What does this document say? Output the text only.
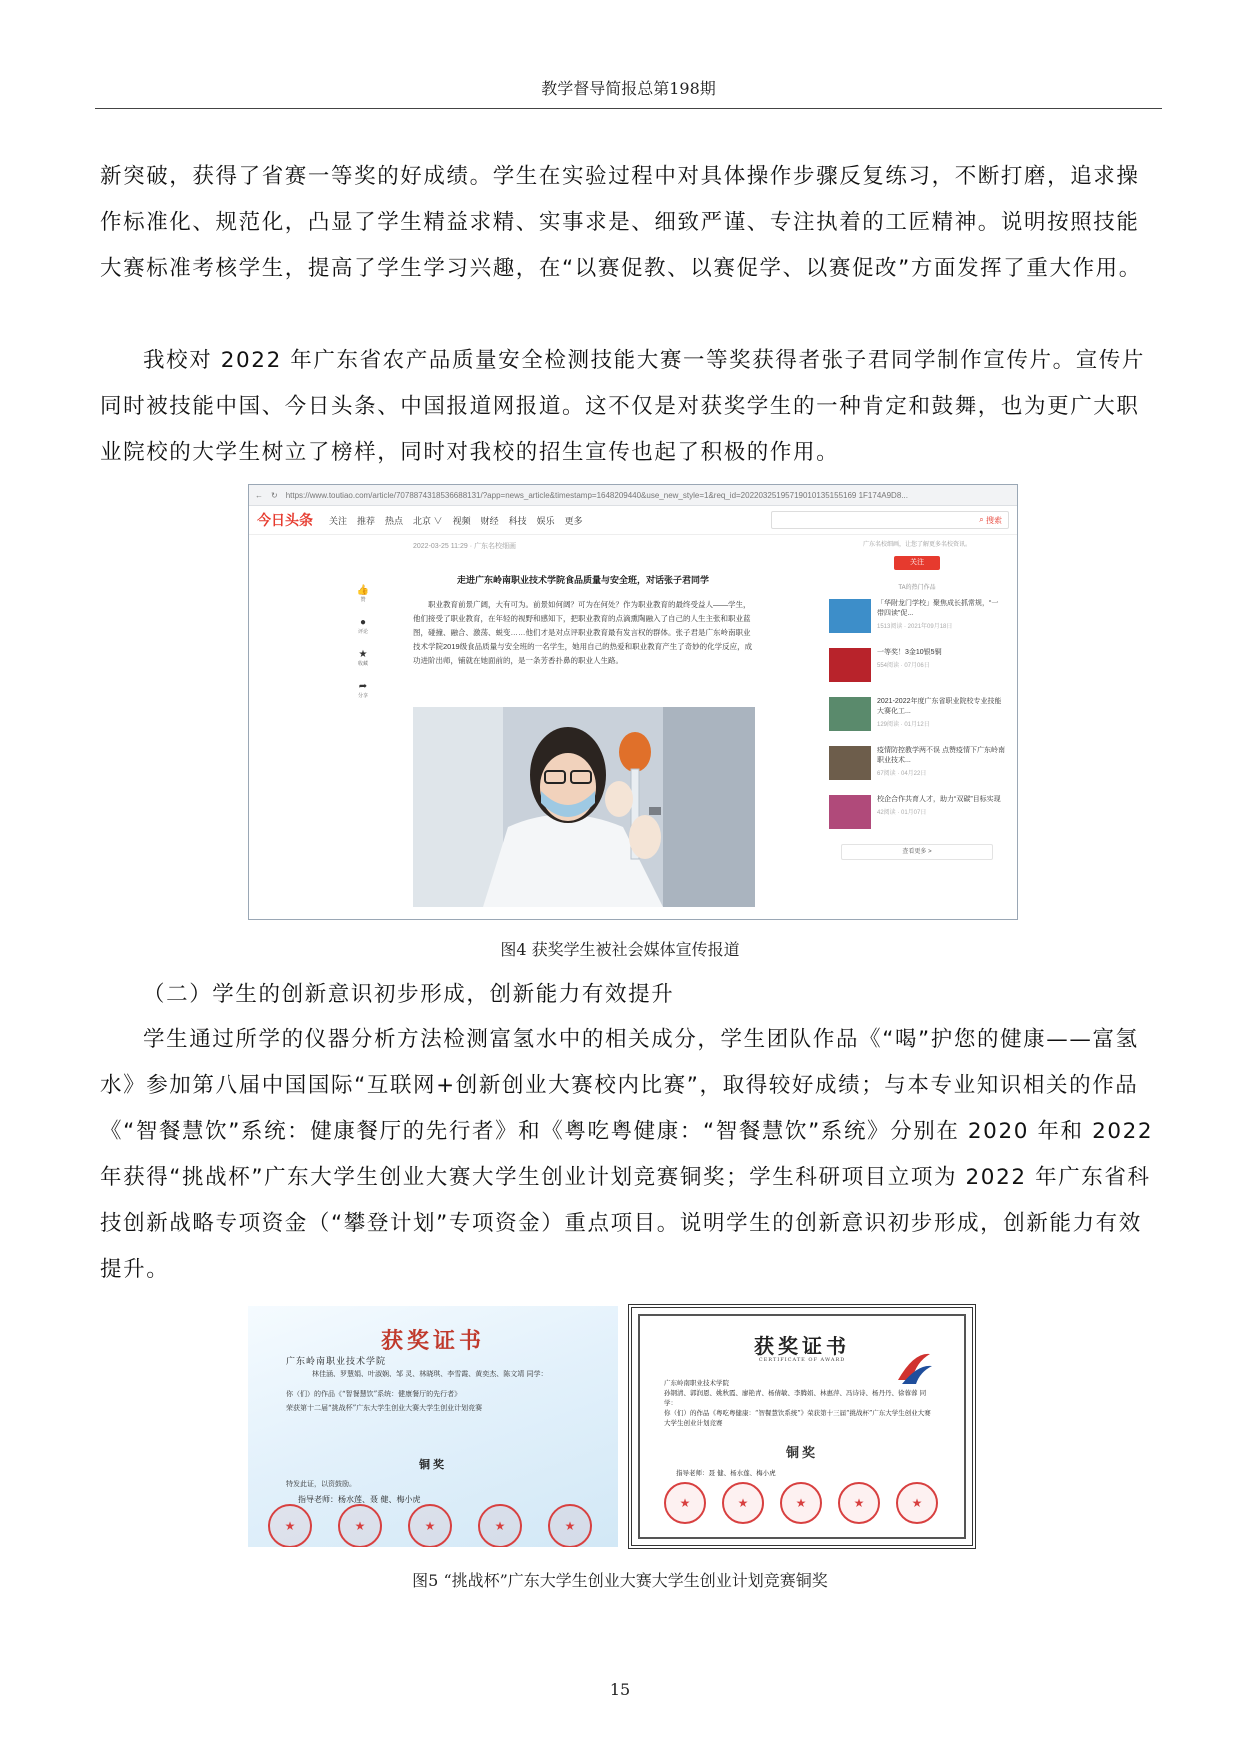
教学督导简报总第198期

新突破，获得了省赛一等奖的好成绩。学生在实验过程中对具体操作步骤反复练习，不断打磨，追求操作标准化、规范化，凸显了学生精益求精、实事求是、细致严谨、专注执着的工匠精神。说明按照技能大赛标准考核学生，提高了学生学习兴趣，在“以赛促教、以赛促学、以赛促改”方面发挥了重大作用。

我校对 2022 年广东省农产品质量安全检测技能大赛一等奖获得者张子君同学制作宣传片。宣传片同时被技能中国、今日头条、中国报道网报道。这不仅是对获奖学生的一种肯定和鼓舞，也为更广大职业院校的大学生树立了榜样，同时对我校的招生宣传也起了积极的作用。

← ↻ https://www.toutiao.com/article/7078874318536688131/?app=news_article&timestamp=1648209440&use_new_style=1&req_id=20220325195719010135155169 1F174A9D8...
今日头条 关注 推荐 热点 北京 ∨ 视频 财经 科技 娱乐 更多	⌕
搜索
👍
赞
●
评论
★
收藏
➦
分享
2022-03-25 11:29 · 广东名校细画
走进广东岭南职业技术学院食品质量与安全班，对话张子君同学
职业教育前景广阔，大有可为。前景如何阔？可为在何处？作为职业教育的最终受益人——学生，他们接受了职业教育，在年轻的视野和感知下，把职业教育的点滴熏陶融入了自己的人生主张和职业蓝图，碰撞、融合、激荡、蜕变……他们才是对点评职业教育最有发言权的群体。张子君是广东岭南职业技术学院2019级食品质量与安全班的一名学生，她用自己的热爱和职业教育产生了奇妙的化学反应，成功进阶出师，铺就在她面前的，是一条芳香扑鼻的职业人生路。
广东名校细画，让您了解更多名校资讯。
关注
TA的热门作品
「华附龙门学校」聚焦成长抓常规，“一带四读”促...
1513阅读 · 2021年09月18日
一等奖！3金10银5铜
554阅读 · 07月06日
2021-2022年度广东省职业院校专业技能大赛化工...
129阅读 · 01月12日
疫情防控教学两不误 点赞疫情下广东岭南职业技术...
67阅读 · 04月22日
校企合作共育人才，助力“双碳”目标实现
42阅读 · 01月07日
查看更多 >
图4 获奖学生被社会媒体宣传报道

（二）学生的创新意识初步形成，创新能力有效提升

学生通过所学的仪器分析方法检测富氢水中的相关成分，学生团队作品《“喝”护您的健康——富氢水》参加第八届中国国际“互联网+创新创业大赛校内比赛”，取得较好成绩；与本专业知识相关的作品《“智餐慧饮”系统：健康餐厅的先行者》和《粤吃粤健康：“智餐慧饮”系统》分别在 2020 年和 2022 年获得“挑战杯”广东大学生创业大赛大学生创业计划竞赛铜奖；学生科研项目立项为 2022 年广东省科技创新战略专项资金（“攀登计划”专项资金）重点项目。说明学生的创新意识初步形成，创新能力有效提升。

获奖证书
广东岭南职业技术学院
林佳涵、罗慧娟、叶淑娴、邹 灵、林晓琪、李雪霞、黄奕杰、陈文靖 同学：
你（们）的作品《“智餐慧饮”系统：健康餐厅的先行者》
荣获第十二届“挑战杯”广东大学生创业大赛大学生创业计划竞赛
铜奖
特发此证，以资鼓励。
指导老师：杨水莲、聂 健、梅小虎
★	★	★	★	★
获奖证书
CERTIFICATE OF AWARD
广东岭南职业技术学院
孙钢清、郭润恩、姚秋霞、廖艳青、杨倩敏、李腾娟、林惠萍、冯诗诗、杨丹丹、徐蓉蓉 同学：
你（们）的作品《粤吃粤健康：“智餐慧饮系统”》荣获第十三届“挑战杯”广东大学生创业大赛大学生创业计划竞赛
铜奖
指导老师：聂 健、杨水莲、梅小虎
★	★	★	★	★
图5 “挑战杯”广东大学生创业大赛大学生创业计划竞赛铜奖
15
